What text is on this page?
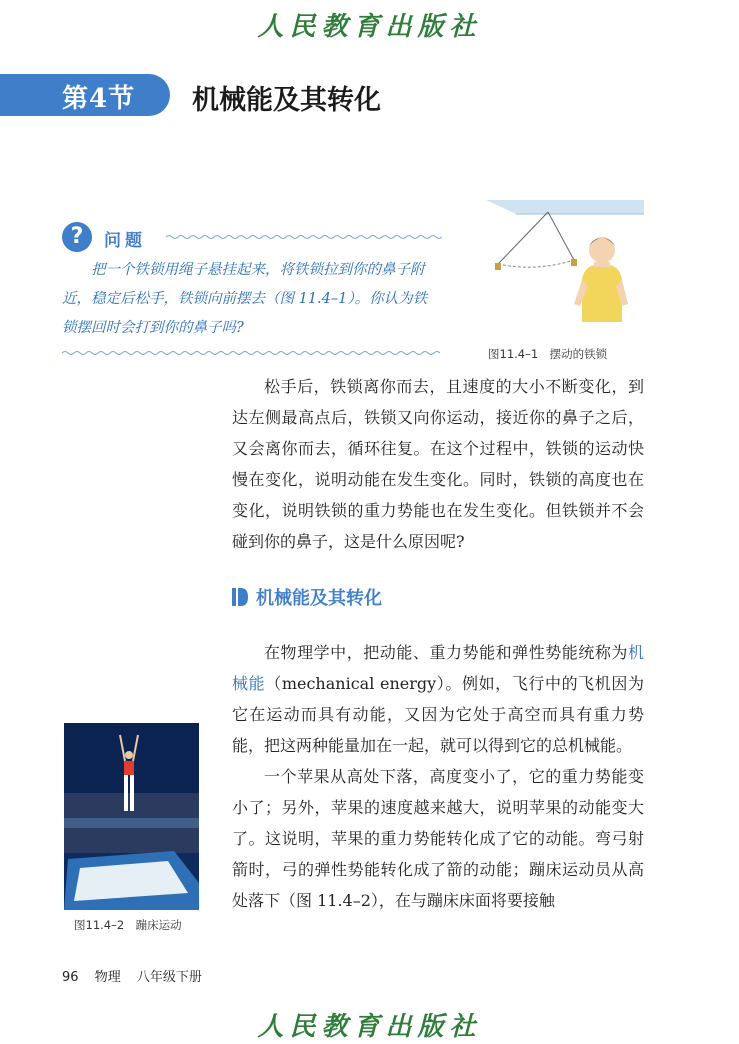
人民教育出版社
第4节 机械能及其转化
?	问题

把一个铁锁用绳子悬挂起来，将铁锁拉到你的鼻子附近，稳定后松手，铁锁向前摆去（图 11.4–1）。你认为铁锁摆回时会打到你的鼻子吗?

图11.4–1　摆动的铁锁

松手后，铁锁离你而去，且速度的大小不断变化，到达左侧最高点后，铁锁又向你运动，接近你的鼻子之后，又会离你而去，循环往复。在这个过程中，铁锁的运动快慢在变化，说明动能在发生变化。同时，铁锁的高度也在变化，说明铁锁的重力势能也在发生变化。但铁锁并不会碰到你的鼻子，这是什么原因呢?

机械能及其转化

在物理学中，把动能、重力势能和弹性势能统称为机械能（mechanical energy）。例如，飞行中的飞机因为它在运动而具有动能，又因为它处于高空而具有重力势能，把这两种能量加在一起，就可以得到它的总机械能。

图11.4–2　蹦床运动

一个苹果从高处下落，高度变小了，它的重力势能变小了；另外，苹果的速度越来越大，说明苹果的动能变大了。这说明，苹果的重力势能转化成了它的动能。弯弓射箭时，弓的弹性势能转化成了箭的动能；蹦床运动员从高处落下（图 11.4–2），在与蹦床床面将要接触

96 物理 八年级下册
人民教育出版社
